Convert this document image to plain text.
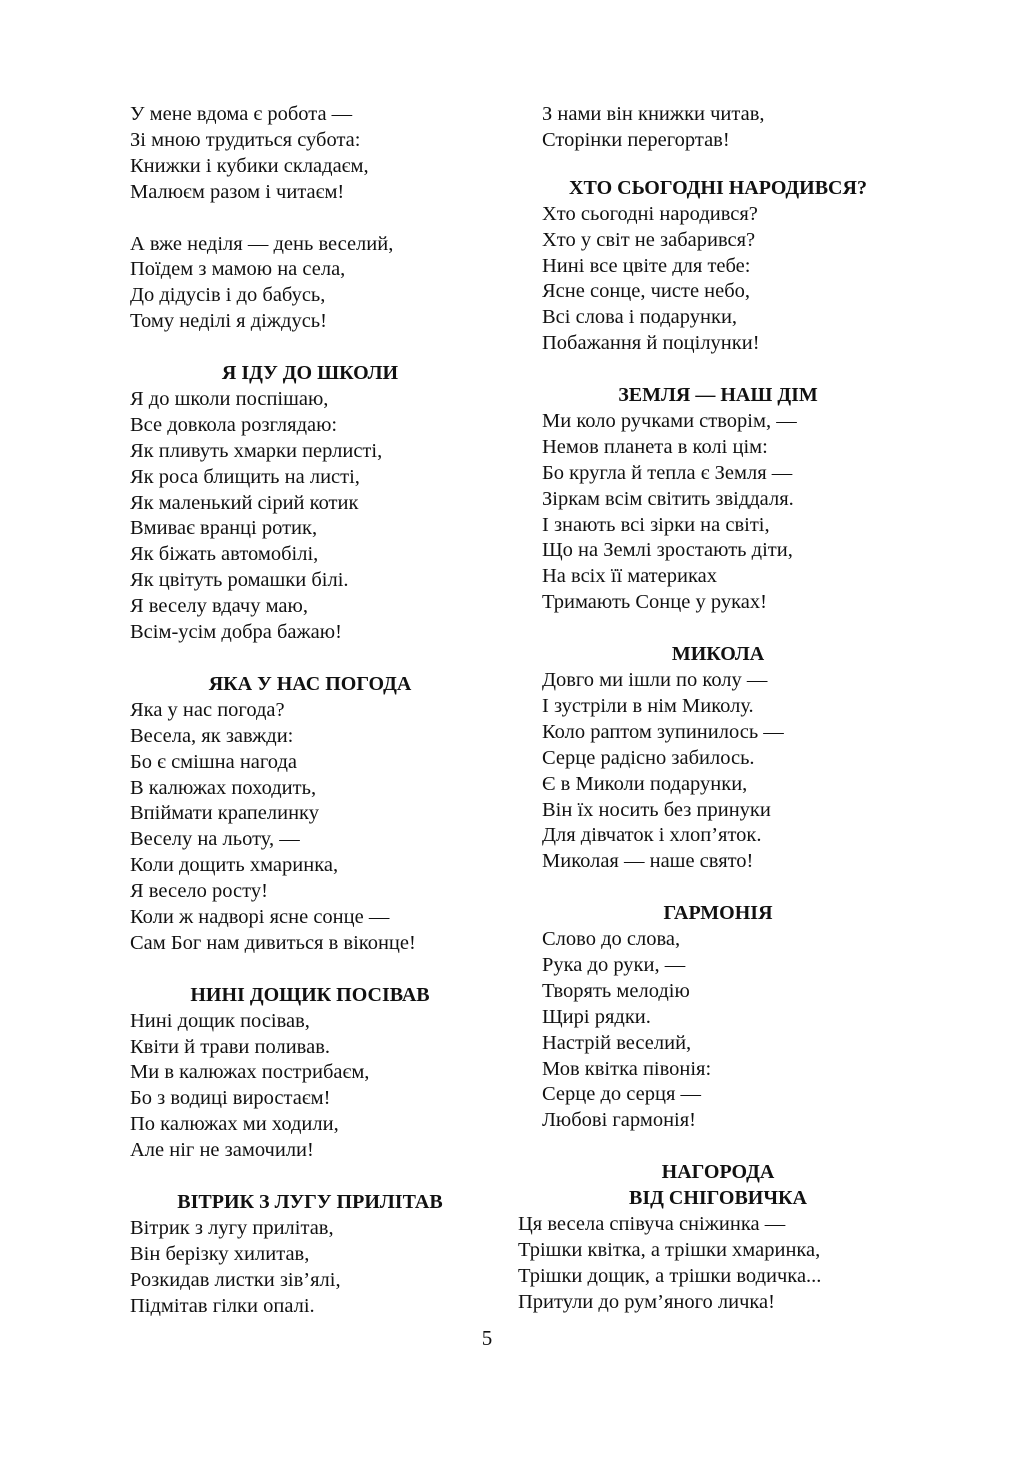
У мене вдома є робота —
Зі мною трудиться субота:
Книжки і кубики складаєм,
Малюєм разом і читаєм!
А вже неділя — день веселий,
Поїдем з мамою на села,
До дідусів і до бабусь,
Тому неділі я діждусь!
Я ІДУ ДО ШКОЛИ
Я до школи поспішаю,
Все довкола розглядаю:
Як пливуть хмарки перлисті,
Як роса блищить на листі,
Як маленький сірий котик
Вмиває вранці ротик,
Як біжать автомобілі,
Як цвітуть ромашки білі.
Я веселу вдачу маю,
Всім-усім добра бажаю!
ЯКА У НАС ПОГОДА
Яка у нас погода?
Весела, як завжди:
Бо є смішна нагода
В калюжах походить,
Впіймати крапелинку
Веселу на льоту, —
Коли дощить хмаринка,
Я весело росту!
Коли ж надворі ясне сонце —
Сам Бог нам дивиться в віконце!
НИНІ ДОЩИК ПОСІВАВ
Нині дощик посівав,
Квіти й трави поливав.
Ми в калюжах пострибаєм,
Бо з водиці виростаєм!
По калюжах ми ходили,
Але ніг не замочили!
ВІТРИК З ЛУГУ ПРИЛІТАВ
Вітрик з лугу прилітав,
Він берізку хилитав,
Розкидав листки зів’ялі,
Підмітав гілки опалі.
З нами він книжки читав,
Сторінки перегортав!
ХТО СЬОГОДНІ НАРОДИВСЯ?
Хто сьогодні народився?
Хто у світ не забарився?
Нині все цвіте для тебе:
Ясне сонце, чисте небо,
Всі слова і подарунки,
Побажання й поцілунки!
ЗЕМЛЯ — НАШ ДІМ
Ми коло ручками створім, —
Немов планета в колі цім:
Бо кругла й тепла є Земля —
Зіркам всім світить звіддаля.
І знають всі зірки на світі,
Що на Землі зростають діти,
На всіх її материках
Тримають Сонце у руках!
МИКОЛА
Довго ми ішли по колу —
І зустріли в нім Миколу.
Коло раптом зупинилось —
Серце радісно забилось.
Є в Миколи подарунки,
Він їх носить без принуки
Для дівчаток і хлоп’яток.
Миколая — наше свято!
ГАРМОНІЯ
Слово до слова,
Рука до руки, —
Творять мелодію
Щирі рядки.
Настрій веселий,
Мов квітка півонія:
Серце до серця —
Любові гармонія!
НАГОРОДА
ВІД СНІГОВИЧКА
Ця весела співуча сніжинка —
Трішки квітка, а трішки хмаринка,
Трішки дощик, а трішки водичка...
Притули до рум’яного личка!
5
